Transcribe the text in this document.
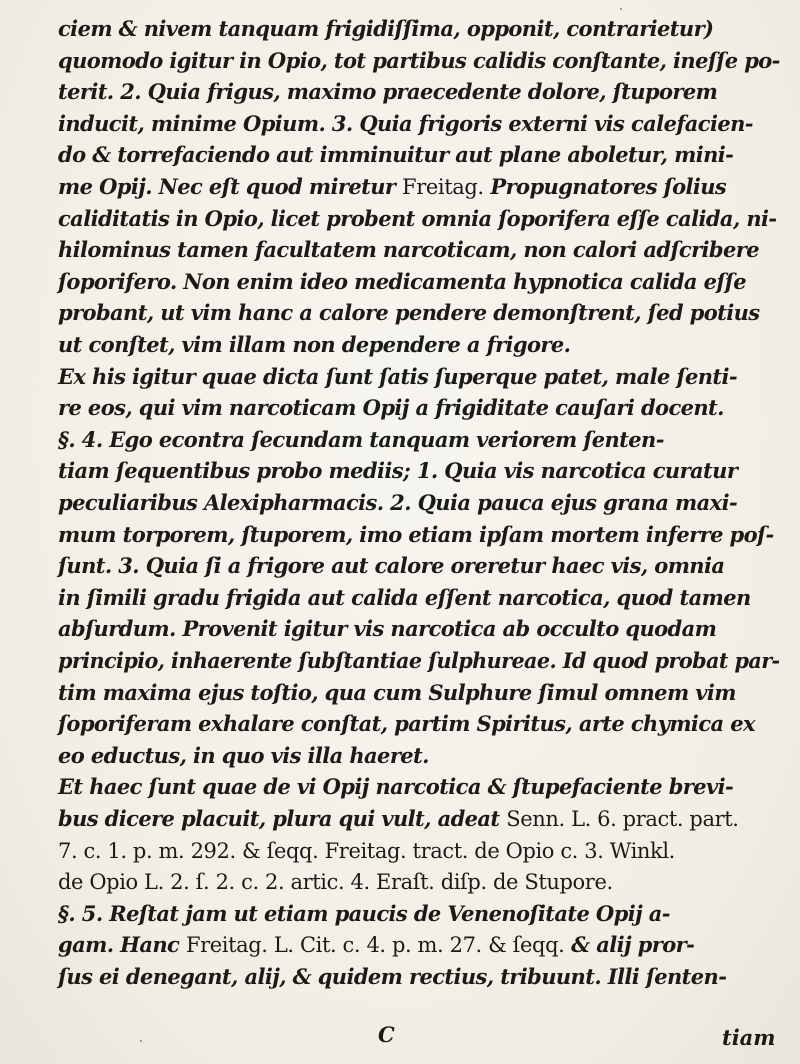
ciem & nivem tanquam frigidiſſima, opponit, contrarietur)
quomodo igitur in Opio, tot partibus calidis conſtante, ineſſe po-
terit. 2. Quia frigus, maximo praecedente dolore, ſtuporem
inducit, minime Opium. 3. Quia frigoris externi vis calefacien-
do & torrefaciendo aut imminuitur aut plane aboletur, mini-
me Opij. Nec eſt quod miretur Freitag. Propugnatores ſolius
caliditatis in Opio, licet probent omnia ſoporifera eſſe calida, ni-
hilominus tamen facultatem narcoticam, non calori adſcribere
ſoporifero. Non enim ideo medicamenta hypnotica calida eſſe
probant, ut vim hanc a calore pendere demonſtrent, ſed potius
ut conſtet, vim illam non dependere a frigore.
Ex his igitur quae dicta ſunt ſatis ſuperque patet, male ſenti-
re eos, qui vim narcoticam Opij a frigiditate cauſari docent.
§. 4. Ego econtra ſecundam tanquam veriorem ſenten-
tiam ſequentibus probo mediis; 1. Quia vis narcotica curatur
peculiaribus Alexipharmacis. 2. Quia pauca ejus grana maxi-
mum torporem, ſtuporem, imo etiam ipſam mortem inferre poſ-
ſunt. 3. Quia ſi a frigore aut calore oreretur haec vis, omnia
in ſimili gradu frigida aut calida eſſent narcotica, quod tamen
abſurdum. Provenit igitur vis narcotica ab occulto quodam
principio, inhaerente ſubſtantiae ſulphureae. Id quod probat par-
tim maxima ejus toſtio, qua cum Sulphure ſimul omnem vim
ſoporiferam exhalare conſtat, partim Spiritus, arte chymica ex
eo eductus, in quo vis illa haeret.
Et haec ſunt quae de vi Opij narcotica & ſtupefaciente brevi-
bus dicere placuit, plura qui vult, adeat Senn. L. 6. pract. part.
7. c. 1. p. m. 292. & ſeqq. Freitag. tract. de Opio c. 3. Winkl.
de Opio L. 2. ſ. 2. c. 2. artic. 4. Eraſt. diſp. de Stupore.
§. 5. Reſtat jam ut etiam paucis de Venenoſitate Opij a-
gam. Hanc Freitag. L. Cit. c. 4. p. m. 27. & ſeqq. & alij pror-
ſus ei denegant, alij, & quidem rectius, tribuunt. Illi ſenten-
C	tiam
